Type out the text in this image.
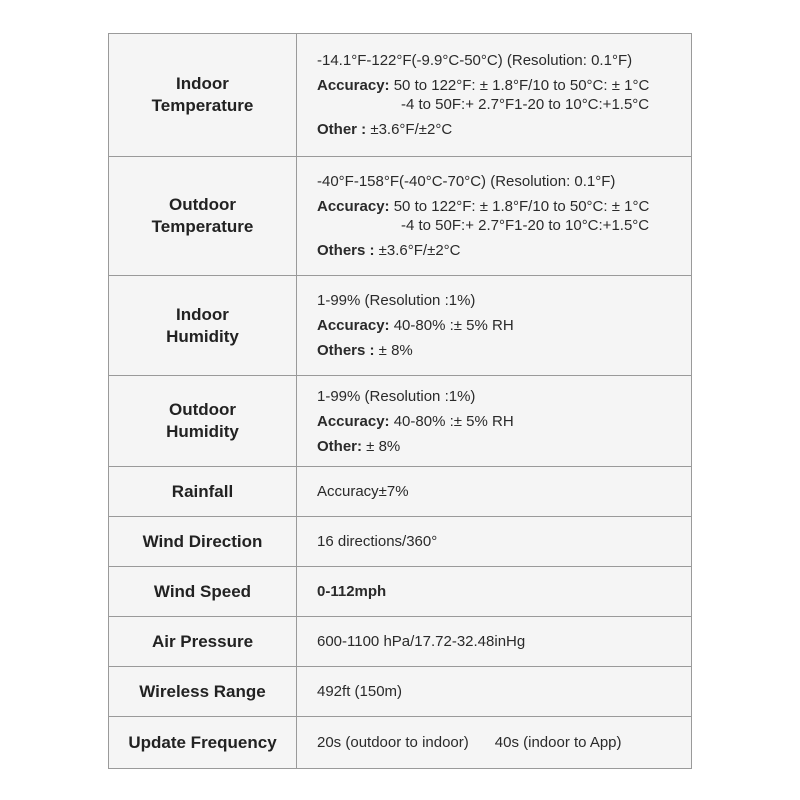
Indoor
Temperature	-14.1°F-122°F(-9.9°C-50°C) (Resolution: 0.1°F)
Accuracy: 50 to 122°F: ± 1.8°F/10 to 50°C: ± 1°C
-4 to 50F:+ 2.7°F1-20 to 10°C:+1.5°C
Other : ±3.6°F/±2°C

Outdoor
Temperature	-40°F-158°F(-40°C-70°C) (Resolution: 0.1°F)
Accuracy: 50 to 122°F: ± 1.8°F/10 to 50°C: ± 1°C
-4 to 50F:+ 2.7°F1-20 to 10°C:+1.5°C
Others : ±3.6°F/±2°C

Indoor
Humidity	1-99% (Resolution :1%)
Accuracy: 40-80% :± 5% RH
Others : ± 8%

Outdoor
Humidity	1-99% (Resolution :1%)
Accuracy: 40-80% :± 5% RH
Other: ± 8%

Rainfall	Accuracy±7%
Wind Direction	16 directions/360°
Wind Speed	0-112mph
Air Pressure	600-1100 hPa/17.72-32.48inHg
Wireless Range	492ft (150m)
Update Frequency	20s (outdoor to indoor) 40s (indoor to App)
